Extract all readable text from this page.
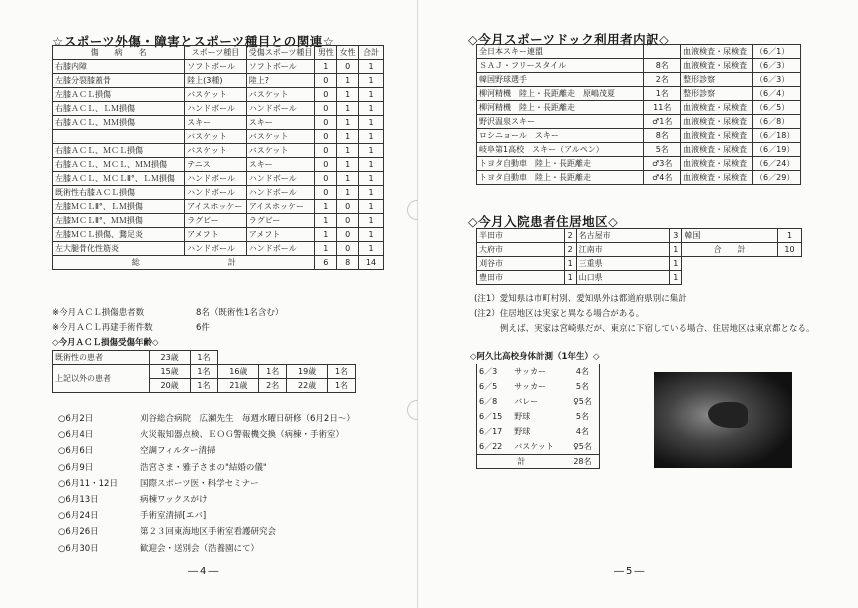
☆スポーツ外傷・障害とスポーツ種目との関連☆
傷　　病　　名	スポーツ種目	受傷スポーツ種目	男性	女性	合計
右膝内障	ソフトボール	ソフトボール	1	0	1
左膝分裂膝蓋骨	陸上(3種)	陸上?	0	1	1
左膝ＡＣＬ損傷	バスケット	バスケット	0	1	1
右膝ＡＣＬ、ＬＭ損傷	ハンドボール	ハンドボール	0	1	1
右膝ＡＣＬ、ＭＭ損傷	スキー	スキー	0	1	1
	バスケット	バスケット	0	1	1
右膝ＡＣＬ、ＭＣＬ損傷	バスケット	バスケット	0	1	1
右膝ＡＣＬ、ＭＣＬ、ＭＭ損傷	テニス	スキー	0	1	1
左膝ＡＣＬ、ＭＣＬⅡ°、ＬＭ損傷	ハンドボール	ハンドボール	0	1	1
既術性右膝ＡＣＬ損傷	ハンドボール	ハンドボール	0	1	1
左膝ＭＣＬⅡ°、ＬＭ損傷	アイスホッケー	アイスホッケー	1	0	1
左膝ＭＣＬⅡ°、ＭＭ損傷	ラグビー	ラグビー	1	0	1
左膝ＭＣＬ損傷、鵞足炎	アメフト	アメフト	1	0	1
左大腿骨化性筋炎	ハンドボール	ハンドボール	1	0	1
総　　　　　　　　　　　計			6	8	14
※今月ＡＣＬ損傷患者数	8名（既術性1名含む）
※今月ＡＣＬ再建手術件数	6件
◇今月ＡＣＬ損傷受傷年齢◇
既術性の患者	23歳	1名				
上記以外の患者	15歳	1名	16歳	1名	19歳	1名
	20歳	1名	21歳	2名	22歳	1名
○6月2日	刈谷総合病院　広瀬先生　毎週水曜日研修（6月2日～）
○6月4日	火災報知器点検、ＥＯＧ警報機交換（病棟・手術室）
○6月6日	空調フィルター清掃
○6月9日	浩宮さま・雅子さまの"結婚の儀"
○6月11・12日	国際スポーツ医・科学セミナー
○6月13日	病棟ワックスがけ
○6月24日	手術室清掃[エバ]
○6月26日	第２３回東海地区手術室看護研究会
○6月30日	歓迎会・送別会（浩養園にて）
―4―
◇今月スポーツドック利用者内訳◇
全日本スキー連盟		血液検査・尿検査	（6／1）
ＳＡＪ・フリースタイル	8名	血液検査・尿検査	（6／3）
韓国野球選手	2名	整形診察	（6／3）
柳河精機　陸上・長距離走　原嶋茂夏	1名	整形診察	（6／4）
柳河精機　陸上・長距離走	11名	血液検査・尿検査	（6／5）
野沢温泉スキー	♂1名	血液検査・尿検査	（6／8）
ロシニョール　スキー	8名	血液検査・尿検査	（6／18）
岐阜第1高校　スキー（アルペン）	5名	血液検査・尿検査	（6／19）
トヨタ自動車　陸上・長距離走	♂3名	血液検査・尿検査	（6／24）
トヨタ自動車　陸上・長距離走	♂4名	血液検査・尿検査	（6／29）
◇今月入院患者住居地区◇
半田市	2	名古屋市	3	韓国	1
大府市	2	江南市	1	合　　計	10
刈谷市	1	三重県	1		
豊田市	1	山口県	1		
(注1）愛知県は市町村別、愛知県外は都道府県別に集計
(注2）住居地区は実家と異なる場合がある。
例えば、実家は宮崎県だが、東京に下宿している場合、住居地区は東京都となる。
◇阿久比高校身体計測（1年生）◇
6／3	サッカー	4名
6／5	サッカー	5名
6／8	バレー	♀5名
6／15	野球	5名
6／17	野球	4名
6／22	バスケット	♀5名
計		28名
―5―
